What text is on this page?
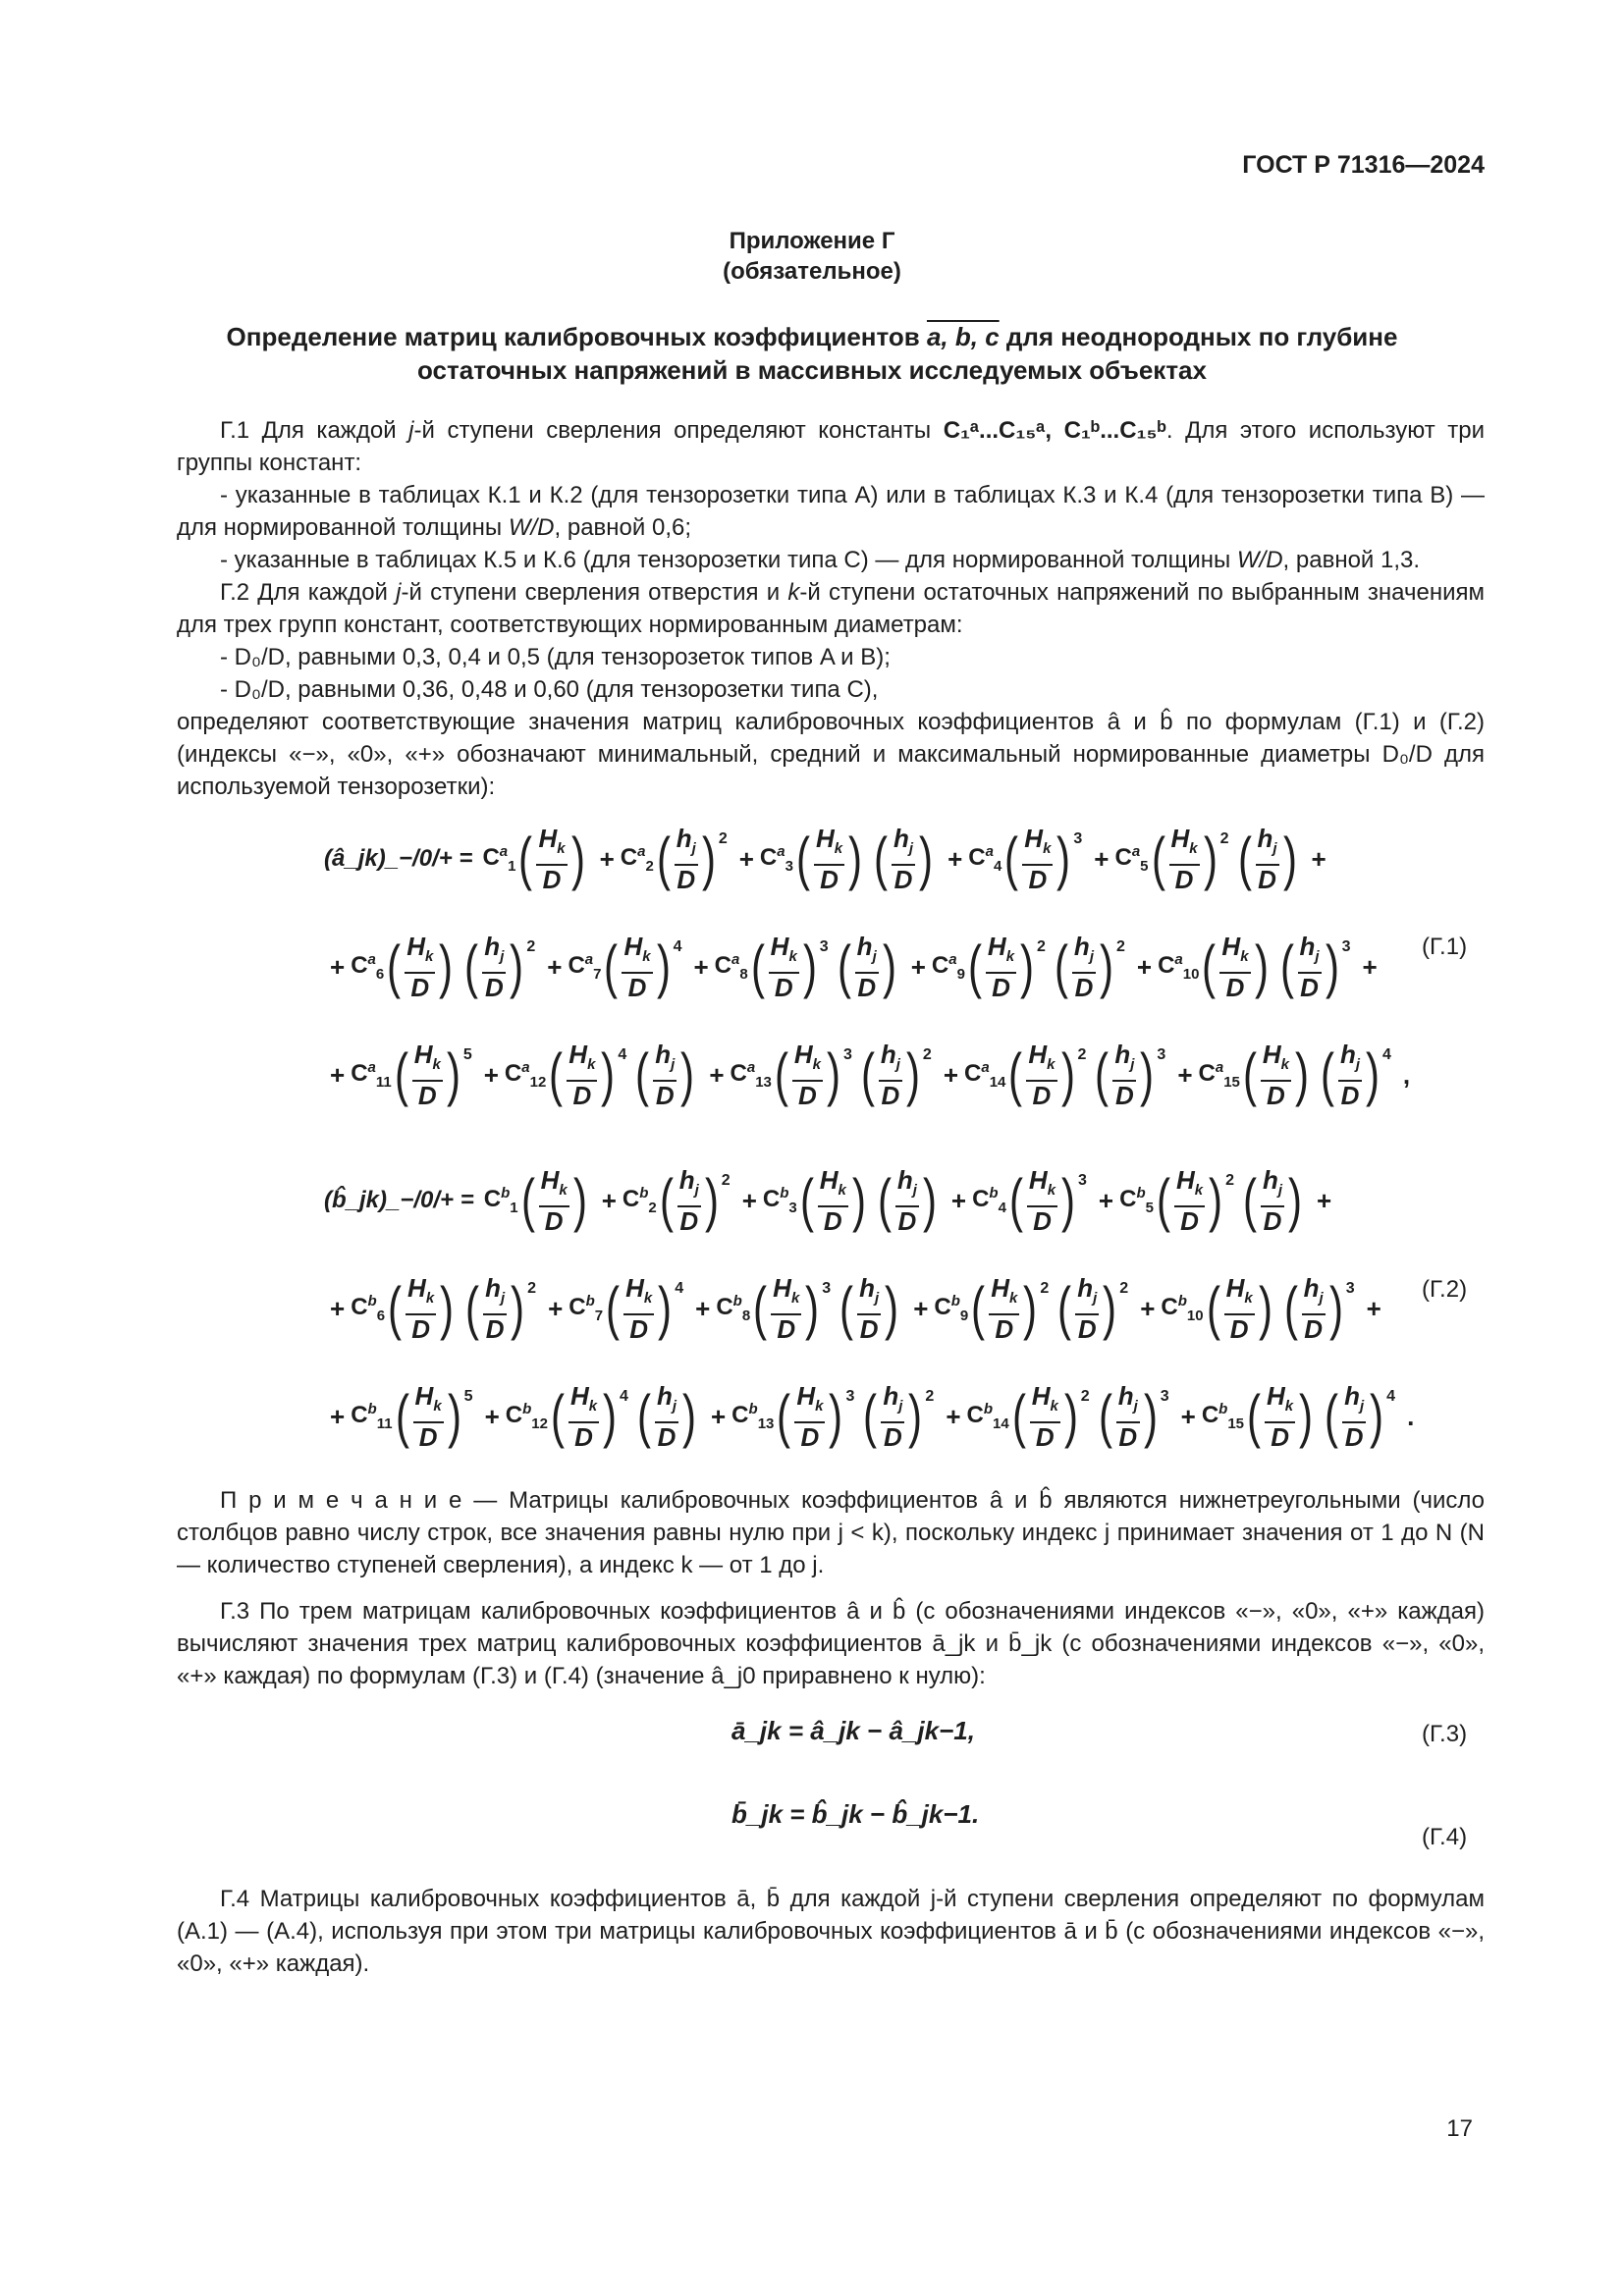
ГОСТ Р 71316—2024
Приложение Г
(обязательное)
Определение матриц калибровочных коэффициентов a, b, c для неоднородных по глубине
остаточных напряжений в массивных исследуемых объектах

Г.1 Для каждой j-й ступени сверления определяют константы C₁ᵃ...C₁₅ᵃ, C₁ᵇ...C₁₅ᵇ. Для этого используют три группы констант:

- указанные в таблицах К.1 и К.2 (для тензорозетки типа A) или в таблицах К.3 и К.4 (для тензорозетки типа B) — для нормированной толщины W/D, равной 0,6;

- указанные в таблицах К.5 и К.6 (для тензорозетки типа C) — для нормированной толщины W/D, равной 1,3.

Г.2 Для каждой j-й ступени сверления отверстия и k-й ступени остаточных напряжений по выбранным значениям для трех групп констант, соответствующих нормированным диаметрам:

- D₀/D, равными 0,3, 0,4 и 0,5 (для тензорозеток типов A и B);

- D₀/D, равными 0,36, 0,48 и 0,60 (для тензорозетки типа C),

определяют соответствующие значения матриц калибровочных коэффициентов â и b̂ по формулам (Г.1) и (Г.2) (индексы «−», «0», «+» обозначают минимальный, средний и максимальный нормированные диаметры D₀/D для используемой тензорозетки):

(â_jk)_−/0/+ = $C^a_1$ ( $H_k$
D ) + $C^a_2$ ( $h_j$
D ) 2
+ $C^a_3$ ( $H_k$
D ) ( $h_j$
D ) + $C^a_4$ ( $H_k$
D ) 3
+ $C^a_5$ ( $H_k$
D ) 2 ( $h_j$
D ) +
+ $C^a_6$ ( $H_k$
D ) ( $h_j$
D ) 2
+ $C^a_7$ ( $H_k$
D ) 4
+ $C^a_8$ ( $H_k$
D ) 3 ( $h_j$
D ) + $C^a_9$ ( $H_k$
D ) 2 ( $h_j$
D ) 2
+ $C^a_{10}$ ( $H_k$
D ) ( $h_j$
D ) 3
+
+ $C^a_{11}$ ( $H_k$
D ) 5
+ $C^a_{12}$ ( $H_k$
D ) 4 ( $h_j$
D ) + $C^a_{13}$ ( $H_k$
D ) 3 ( $h_j$
D ) 2
+ $C^a_{14}$ ( $H_k$
D ) 2 ( $h_j$
D ) 3
+ $C^a_{15}$ ( $H_k$
D ) ( $h_j$
D ) 4
,
(Г.1)
(b̂_jk)_−/0/+ = $C^b_1$ ( $H_k$
D ) + $C^b_2$ ( $h_j$
D ) 2
+ $C^b_3$ ( $H_k$
D ) ( $h_j$
D ) + $C^b_4$ ( $H_k$
D ) 3
+ $C^b_5$ ( $H_k$
D ) 2 ( $h_j$
D ) +
+ $C^b_6$ ( $H_k$
D ) ( $h_j$
D ) 2
+ $C^b_7$ ( $H_k$
D ) 4
+ $C^b_8$ ( $H_k$
D ) 3 ( $h_j$
D ) + $C^b_9$ ( $H_k$
D ) 2 ( $h_j$
D ) 2
+ $C^b_{10}$ ( $H_k$
D ) ( $h_j$
D ) 3
+
+ $C^b_{11}$ ( $H_k$
D ) 5
+ $C^b_{12}$ ( $H_k$
D ) 4 ( $h_j$
D ) + $C^b_{13}$ ( $H_k$
D ) 3 ( $h_j$
D ) 2
+ $C^b_{14}$ ( $H_k$
D ) 2 ( $h_j$
D ) 3
+ $C^b_{15}$ ( $H_k$
D ) ( $h_j$
D ) 4
.
(Г.2)

П р и м е ч а н и е — Матрицы калибровочных коэффициентов â и b̂ являются нижнетреугольными (число столбцов равно числу строк, все значения равны нулю при j < k), поскольку индекс j принимает значения от 1 до N (N — количество ступеней сверления), а индекс k — от 1 до j.

Г.3 По трем матрицам калибровочных коэффициентов â и b̂ (с обозначениями индексов «−», «0», «+» каждая) вычисляют значения трех матриц калибровочных коэффициентов ā_jk и b̄_jk (с обозначениями индексов «−», «0», «+» каждая) по формулам (Г.3) и (Г.4) (значение â_j0 приравнено к нулю):

ā_jk = â_jk − â_jk−1,	(Г.3)
b̄_jk = b̂_jk − b̂_jk−1.
(Г.4)

Г.4 Матрицы калибровочных коэффициентов ā, b̄ для каждой j-й ступени сверления определяют по формулам (А.1) — (А.4), используя при этом три матрицы калибровочных коэффициентов ā и b̄ (с обозначениями индексов «−», «0», «+» каждая).

17
